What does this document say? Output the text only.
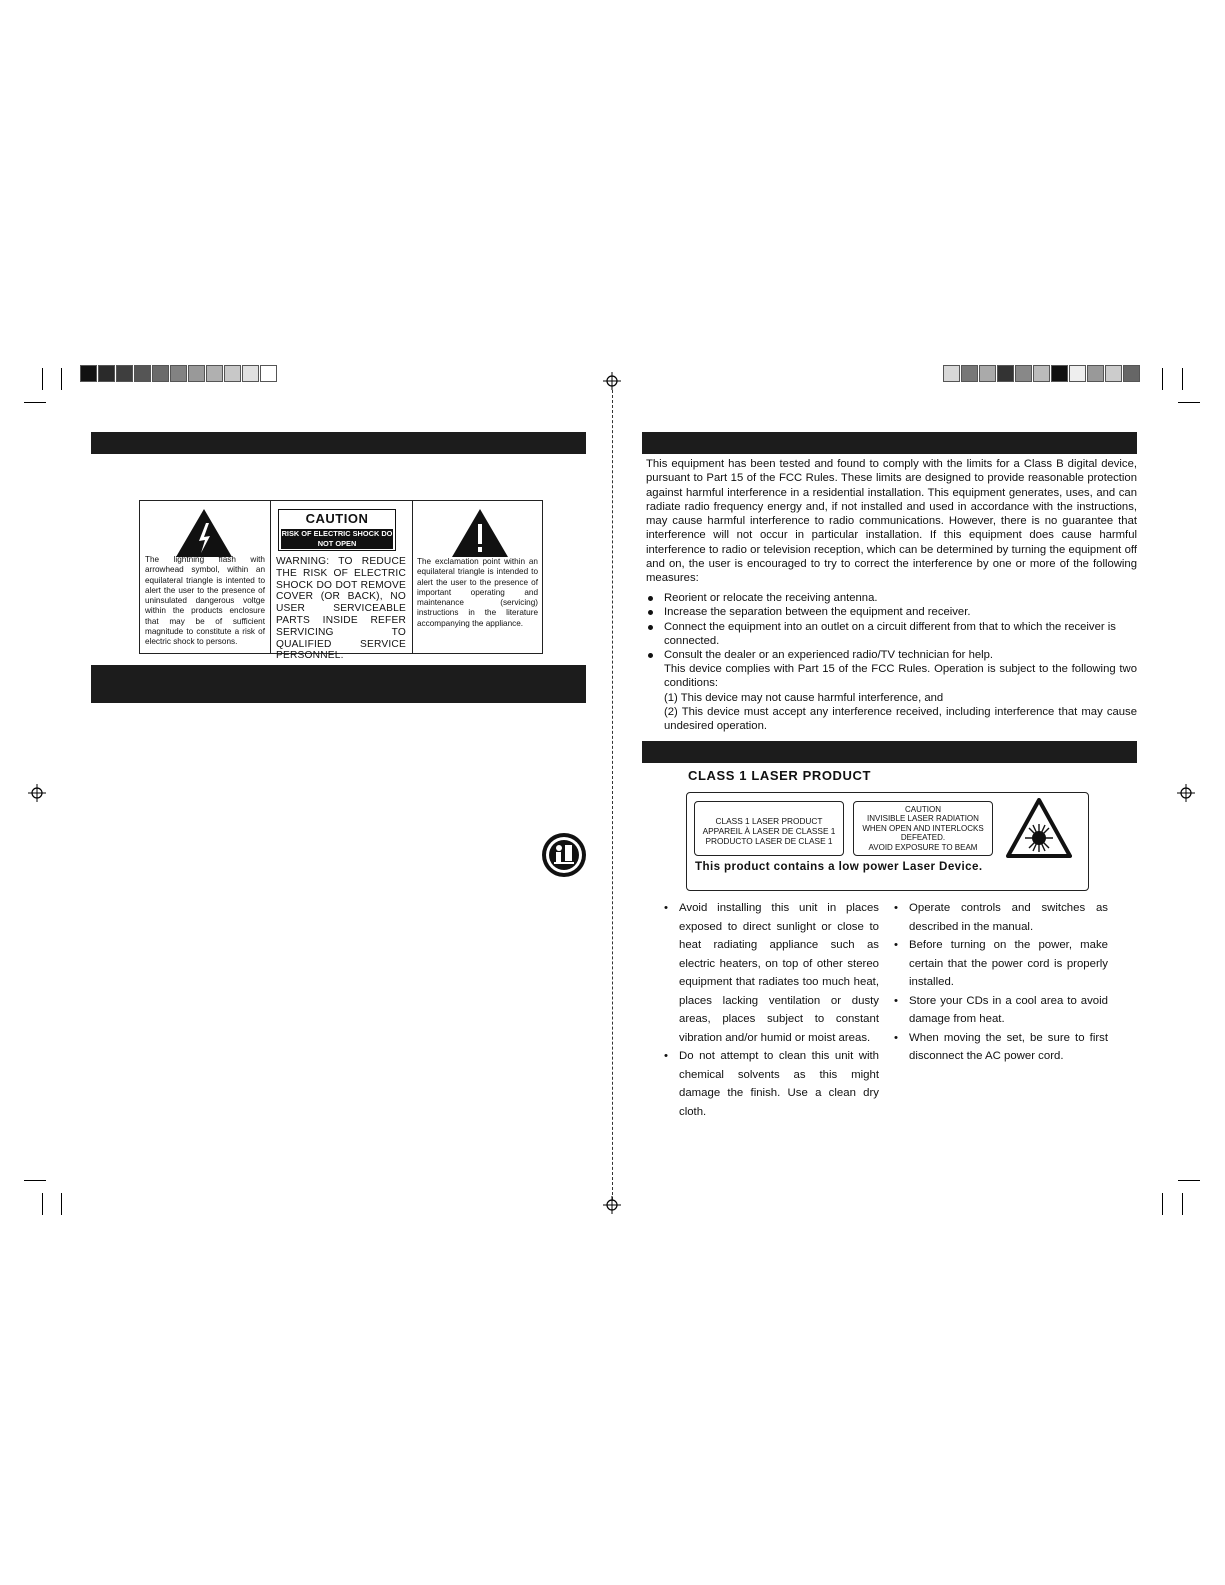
The lightning flash with arrowhead symbol, within an equilateral triangle is intented to alert the user to the presence of uninsulated dangerous voltge within the products enclosure that may be of sufficient magnitude to constitute a risk of electric shock to persons.
CAUTION
RISK OF ELECTRIC SHOCK DO NOT OPEN
WARNING: TO REDUCE THE RISK OF ELECTRIC SHOCK DO DOT REMOVE COVER (OR BACK), NO USER SERVICEABLE PARTS INSIDE REFER SERVICING TO QUALIFIED SERVICE PERSONNEL.
The exclamation point within an equilateral triangle is intended to alert the user to the presence of important operating and maintenance (servicing) instructions in the literature accompanying the appliance.
This equipment has been tested and found to comply with the limits for a Class B digital device, pursuant to Part 15 of the FCC Rules. These limits are designed to provide reasonable protection against harmful interference in a residential installation. This equipment generates, uses, and can radiate radio frequency energy and, if not installed and used in accordance with the instructions, may cause harmful interference to radio communications. However, there is no guarantee that interference will not occur in particular installation. If this equipment does cause harmful interference to radio or television reception, which can be determined by turning the equipment off and on, the user is encouraged to try to correct the interference by one or more of the following measures:
Reorient or relocate the receiving antenna.
Increase the separation between the equipment and receiver.
Connect the equipment into an outlet on a circuit different from that to which the receiver is connected.
Consult the dealer or an experienced radio/TV technician for help.
This device complies with Part 15 of the FCC Rules. Operation is subject to the following two conditions:
(1) This device may not cause harmful interference, and
(2) This device must accept any interference received, including interference that may cause undesired operation.
CLASS 1 LASER PRODUCT
CLASS 1 LASER PRODUCT
APPAREIL À LASER DE CLASSE 1
PRODUCTO LASER DE CLASE 1
CAUTION
INVISIBLE LASER RADIATION
WHEN OPEN AND INTERLOCKS
DEFEATED.
AVOID EXPOSURE TO BEAM
This product contains a low power Laser Device.
• Avoid installing this unit in places exposed to direct sunlight or close to heat radiating appliance such as electric heaters, on top of other stereo equipment that radiates too much heat, places lacking ventilation or dusty areas, places subject to constant vibration and/or humid or moist areas.
• Do not attempt to clean this unit with chemical solvents as this might damage the finish. Use a clean dry cloth.
• Operate controls and switches as described in the manual.
• Before turning on the power, make certain that the power cord is properly installed.
• Store your CDs in a cool area to avoid damage from heat.
• When moving the set, be sure to first disconnect the AC power cord.
